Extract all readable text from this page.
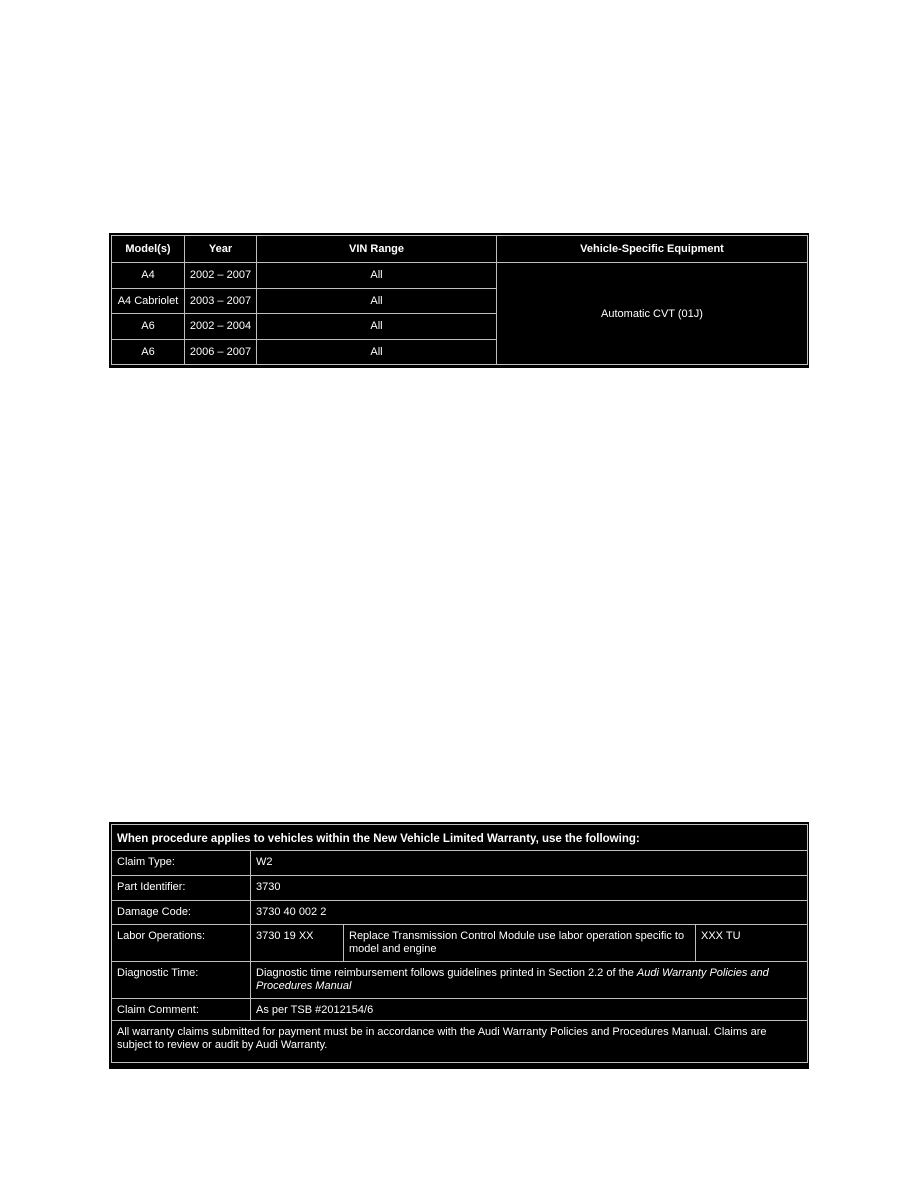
Model(s)	Year	VIN Range	Vehicle-Specific Equipment
A4	2002 – 2007	All	Automatic CVT (01J)
A4 Cabriolet	2003 – 2007	All	
A6	2002 – 2004	All	
A6	2006 – 2007	All	
When procedure applies to vehicles within the New Vehicle Limited Warranty, use the following:			
Claim Type:	W2		
Part Identifier:	3730		
Damage Code:	3730 40 002 2		
Labor Operations:	3730 19 XX	Replace Transmission Control Module use labor operation specific to model and engine	XXX TU
Diagnostic Time:	Diagnostic time reimbursement follows guidelines printed in Section 2.2 of the Audi Warranty Policies and Procedures Manual		
Claim Comment:	As per TSB #2012154/6		
All warranty claims submitted for payment must be in accordance with the Audi Warranty Policies and Procedures Manual. Claims are subject to review or audit by Audi Warranty.			
